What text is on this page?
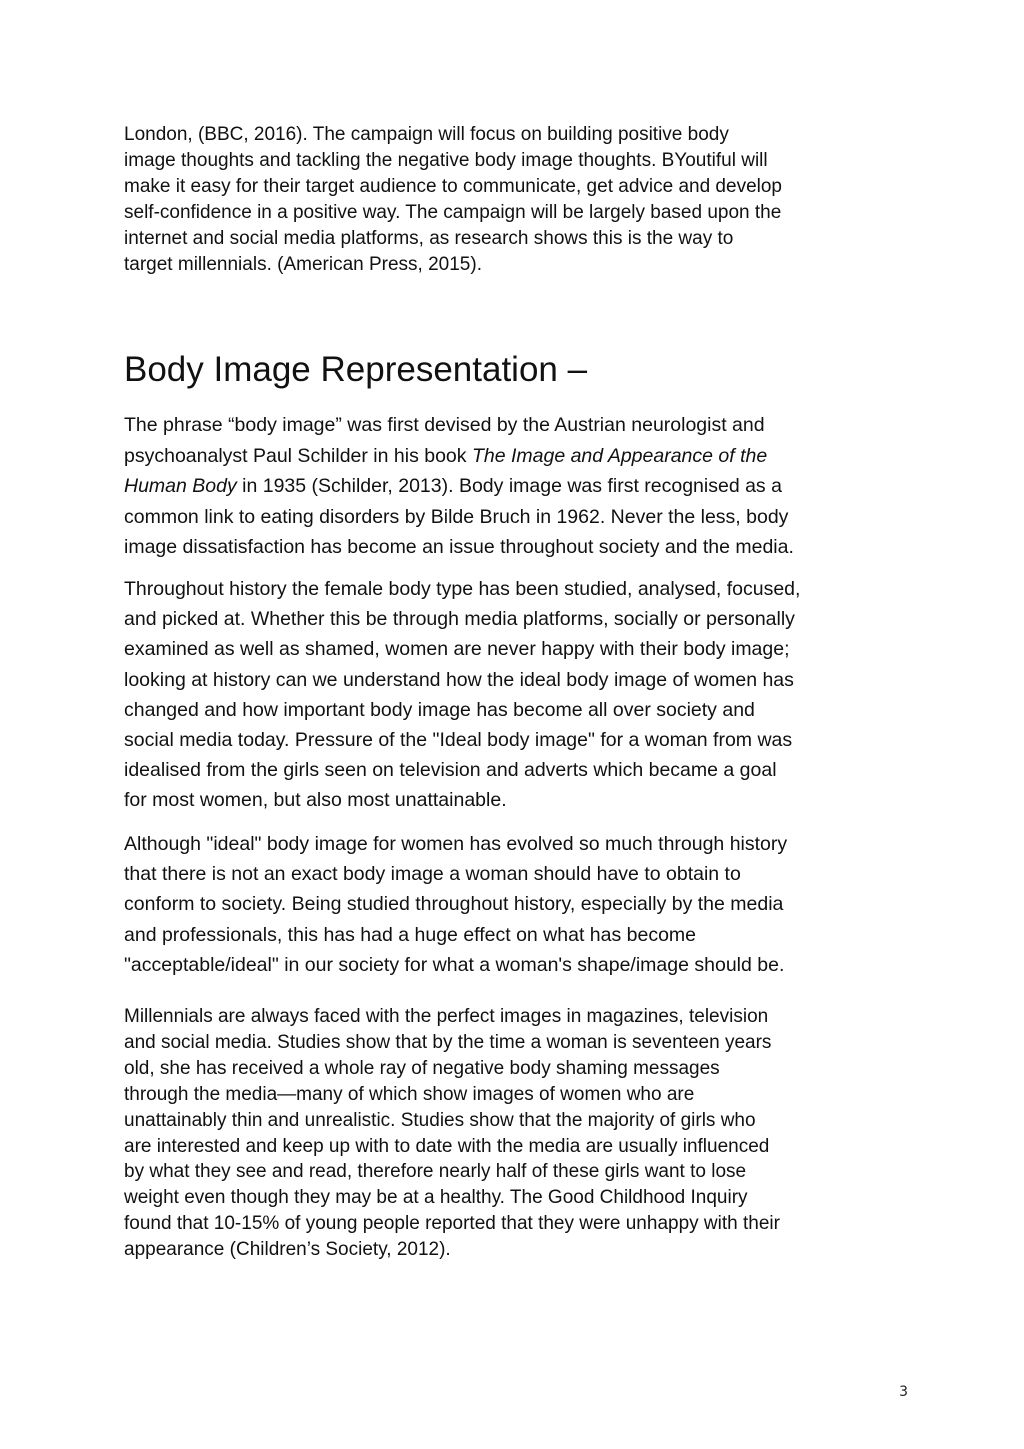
London, (BBC, 2016). The campaign will focus on building positive body
image thoughts and tackling the negative body image thoughts. BYoutiful will
make it easy for their target audience to communicate, get advice and develop
self-confidence in a positive way. The campaign will be largely based upon the
internet and social media platforms, as research shows this is the way to
target millennials. (American Press, 2015).
Body Image Representation –
The phrase “body image” was first devised by the Austrian neurologist and
psychoanalyst Paul Schilder in his book The Image and Appearance of the
Human Body in 1935 (Schilder, 2013). Body image was first recognised as a
common link to eating disorders by Bilde Bruch in 1962. Never the less, body
image dissatisfaction has become an issue throughout society and the media.
Throughout history the female body type has been studied, analysed, focused,
and picked at. Whether this be through media platforms, socially or personally
examined as well as shamed, women are never happy with their body image;
looking at history can we understand how the ideal body image of women has
changed and how important body image has become all over society and
social media today. Pressure of the "Ideal body image" for a woman from was
idealised from the girls seen on television and adverts which became a goal
for most women, but also most unattainable.
Although "ideal" body image for women has evolved so much through history
that there is not an exact body image a woman should have to obtain to
conform to society. Being studied throughout history, especially by the media
and professionals, this has had a huge effect on what has become
"acceptable/ideal" in our society for what a woman's shape/image should be.
Millennials are always faced with the perfect images in magazines, television
and social media. Studies show that by the time a woman is seventeen years
old, she has received a whole ray of negative body shaming messages
through the media—many of which show images of women who are
unattainably thin and unrealistic. Studies show that the majority of girls who
are interested and keep up with to date with the media are usually influenced
by what they see and read, therefore nearly half of these girls want to lose
weight even though they may be at a healthy. The Good Childhood Inquiry
found that 10-15% of young people reported that they were unhappy with their
appearance (Children’s Society, 2012).
3
